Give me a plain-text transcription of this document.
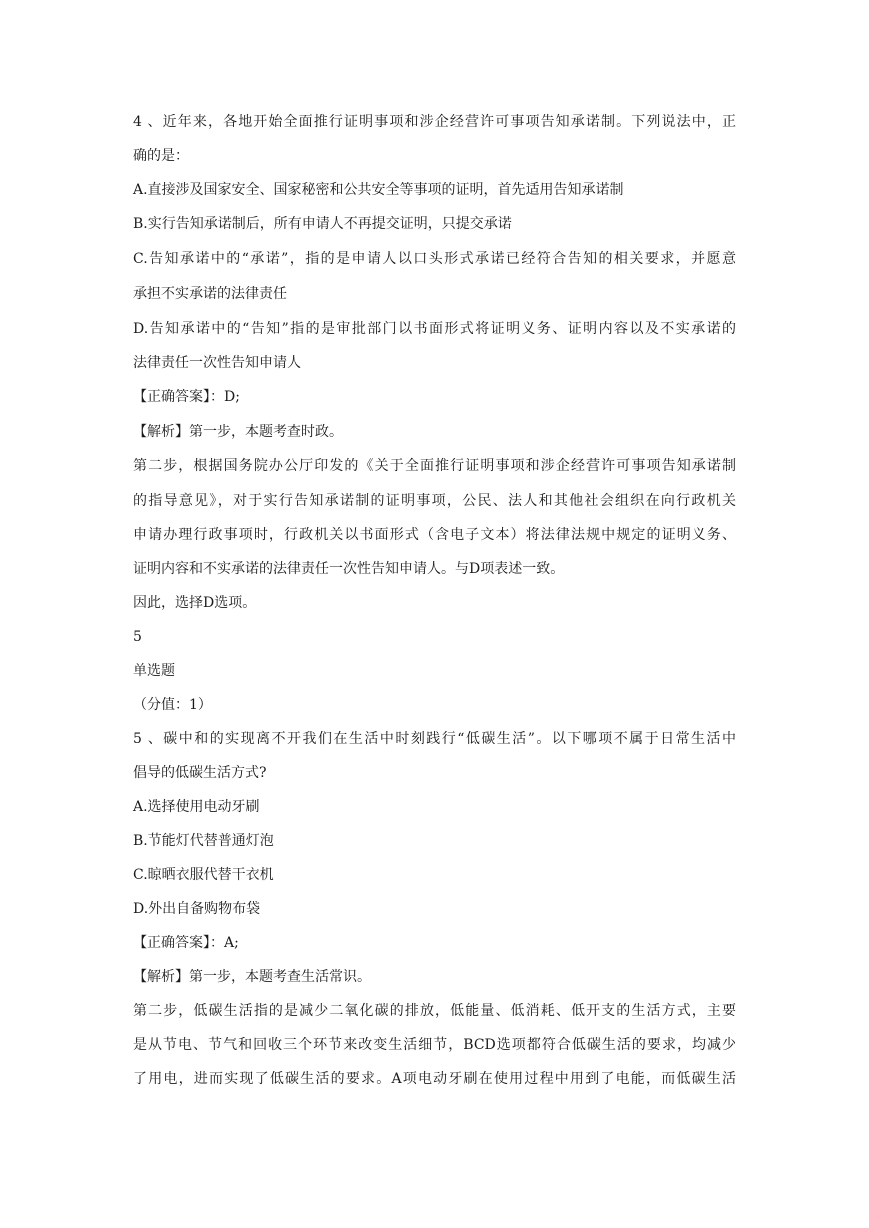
4 、近年来，各地开始全面推行证明事项和涉企经营许可事项告知承诺制。下列说法中，正
确的是：
A.直接涉及国家安全、国家秘密和公共安全等事项的证明，首先适用告知承诺制
B.实行告知承诺制后，所有申请人不再提交证明，只提交承诺
C.告知承诺中的“承诺”，指的是申请人以口头形式承诺已经符合告知的相关要求，并愿意
承担不实承诺的法律责任
D.告知承诺中的“告知”指的是审批部门以书面形式将证明义务、证明内容以及不实承诺的
法律责任一次性告知申请人
【正确答案】：D;
【解析】第一步，本题考查时政。
第二步，根据国务院办公厅印发的《关于全面推行证明事项和涉企经营许可事项告知承诺制
的指导意见》，对于实行告知承诺制的证明事项，公民、法人和其他社会组织在向行政机关
申请办理行政事项时，行政机关以书面形式（含电子文本）将法律法规中规定的证明义务、
证明内容和不实承诺的法律责任一次性告知申请人。与D项表述一致。
因此，选择D选项。
5
单选题
（分值：1）
5 、碳中和的实现离不开我们在生活中时刻践行“低碳生活”。以下哪项不属于日常生活中
倡导的低碳生活方式?
A.选择使用电动牙刷
B.节能灯代替普通灯泡
C.晾晒衣服代替干衣机
D.外出自备购物布袋
【正确答案】：A;
【解析】第一步，本题考查生活常识。
第二步，低碳生活指的是减少二氧化碳的排放，低能量、低消耗、低开支的生活方式，主要
是从节电、节气和回收三个环节来改变生活细节，BCD选项都符合低碳生活的要求，均减少
了用电，进而实现了低碳生活的要求。A项电动牙刷在使用过程中用到了电能，而低碳生活
